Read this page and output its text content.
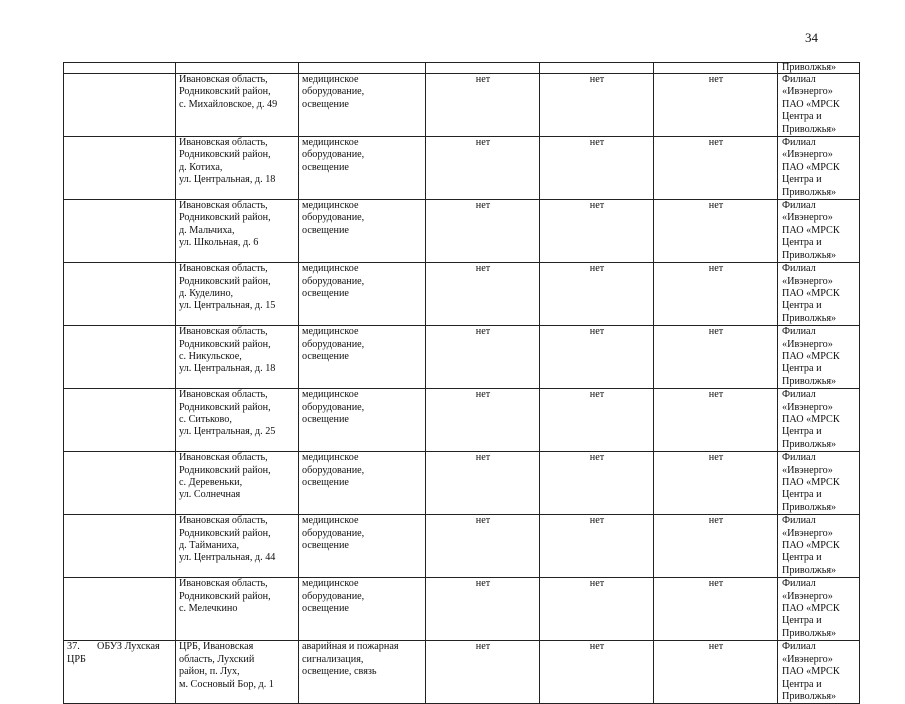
34
						Приволжья»
	Ивановская область,
Родниковский район,
с. Михайловское, д. 49	медицинское
оборудование,
освещение	нет	нет	нет	Филиал «Ивэнерго»
ПАО «МРСК
Центра и
Приволжья»
	Ивановская область,
Родниковский район,
д. Котиха,
ул. Центральная, д. 18	медицинское
оборудование,
освещение	нет	нет	нет	Филиал «Ивэнерго»
ПАО «МРСК
Центра и
Приволжья»
	Ивановская область,
Родниковский район,
д. Мальчиха,
ул. Школьная, д. 6	медицинское
оборудование,
освещение	нет	нет	нет	Филиал «Ивэнерго»
ПАО «МРСК
Центра и
Приволжья»
	Ивановская область,
Родниковский район,
д. Куделино,
ул. Центральная, д. 15	медицинское
оборудование,
освещение	нет	нет	нет	Филиал «Ивэнерго»
ПАО «МРСК
Центра и
Приволжья»
	Ивановская область,
Родниковский район,
с. Никульское,
ул. Центральная, д. 18	медицинское
оборудование,
освещение	нет	нет	нет	Филиал «Ивэнерго»
ПАО «МРСК
Центра и
Приволжья»
	Ивановская область,
Родниковский район,
с. Ситьково,
ул. Центральная, д. 25	медицинское
оборудование,
освещение	нет	нет	нет	Филиал «Ивэнерго»
ПАО «МРСК
Центра и
Приволжья»
	Ивановская область,
Родниковский район,
с. Деревеньки,
ул. Солнечная	медицинское
оборудование,
освещение	нет	нет	нет	Филиал «Ивэнерго»
ПАО «МРСК
Центра и
Приволжья»
	Ивановская область,
Родниковский район,
д. Тайманиха,
ул. Центральная, д. 44	медицинское
оборудование,
освещение	нет	нет	нет	Филиал «Ивэнерго»
ПАО «МРСК
Центра и
Приволжья»
	Ивановская область,
Родниковский район,
с. Мелечкино	медицинское
оборудование,
освещение	нет	нет	нет	Филиал «Ивэнерго»
ПАО «МРСК
Центра и
Приволжья»
37. ОБУЗ Лухская
ЦРБ	ЦРБ, Ивановская
область, Лухский
район, п. Лух,
м. Сосновый Бор, д. 1	аварийная и пожарная
сигнализация,
освещение, связь	нет	нет	нет	Филиал «Ивэнерго»
ПАО «МРСК
Центра и
Приволжья»
